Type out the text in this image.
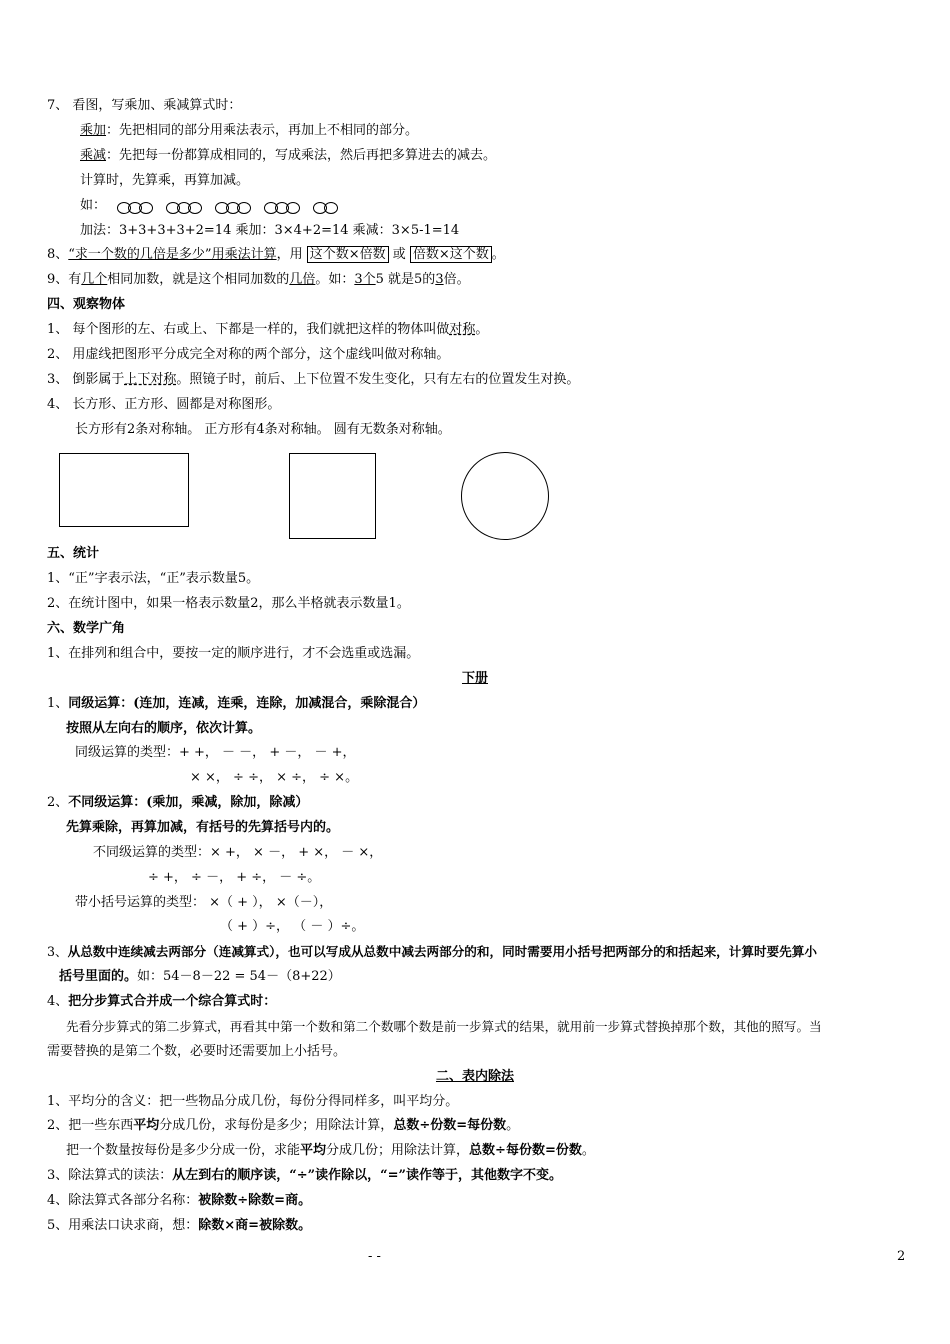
7、 看图，写乘加、乘减算式时：
乘加：先把相同的部分用乘法表示，再加上不相同的部分。
乘减：先把每一份都算成相同的，写成乘法，然后再把多算进去的减去。
计算时，先算乘，再算加减。
如：
加法：3+3+3+3+2=14 乘加：3×4+2=14 乘减：3×5-1=14
8、“求一个数的几倍是多少”用乘法计算，用 这个数×倍数 或 倍数×这个数 。
9、有几个相同加数，就是这个相同加数的几倍。如：3个5 就是5的3倍。
四、观察物体
1、 每个图形的左、右或上、下都是一样的，我们就把这样的物体叫做对称。
2、 用虚线把图形平分成完全对称的两个部分，这个虚线叫做对称轴。
3、 倒影属于上下对称。照镜子时，前后、上下位置不发生变化，只有左右的位置发生对换。
4、 长方形、正方形、圆都是对称图形。
长方形有2条对称轴。 正方形有4条对称轴。 圆有无数条对称轴。
五、统计
1、“正”字表示法，“正”表示数量5。
2、在统计图中，如果一格表示数量2，那么半格就表示数量1。
六、数学广角
1、在排列和组合中，要按一定的顺序进行，才不会选重或选漏。
下册
1、同级运算：(连加，连减，连乘，连除，加减混合，乘除混合）
按照从左向右的顺序，依次计算。
同级运算的类型：+ +， － －， + －， － +，
× ×， ÷ ÷， × ÷， ÷ ×。
2、不同级运算：(乘加，乘减，除加，除减）
先算乘除，再算加减，有括号的先算括号内的。
不同级运算的类型：× +， × －， + ×， － ×，
÷ +， ÷ －， + ÷， － ÷。
带小括号运算的类型： ×（ + ）， ×（－），
（ + ）÷， （ － ）÷。
3、从总数中连续减去两部分（连减算式），也可以写成从总数中减去两部分的和，同时需要用小括号把两部分的和括起来，计算时要先算小
括号里面的。如：54－8－22 = 54－（8+22）
4、把分步算式合并成一个综合算式时：
先看分步算式的第二步算式，再看其中第一个数和第二个数哪个数是前一步算式的结果，就用前一步算式替换掉那个数，其他的照写。当
需要替换的是第二个数，必要时还需要加上小括号。
二、表内除法
1、平均分的含义：把一些物品分成几份，每份分得同样多，叫平均分。
2、把一些东西平均分成几份，求每份是多少；用除法计算，总数÷份数=每份数。
把一个数量按每份是多少分成一份，求能平均分成几份；用除法计算，总数÷每份数=份数。
3、除法算式的读法：从左到右的顺序读，“÷”读作除以，“=”读作等于，其他数字不变。
4、除法算式各部分名称：被除数÷除数=商。
5、用乘法口诀求商，想：除数×商=被除数。
- -	2
